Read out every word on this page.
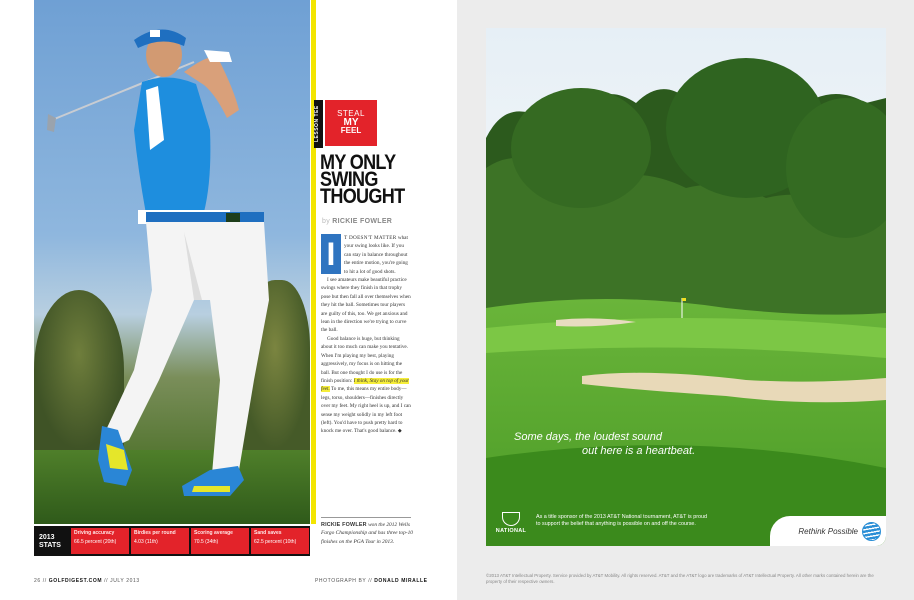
2013
STATS
Driving accuracy
66.5 percent (20th)
Birdies per round
4.03 (11th)
Scoring average
70.5 (34th)
Sand saves
62.5 percent (10th)
LESSON TEE	STEAL
MY
FEEL
MY ONLY
SWING
THOUGHT
by RICKIE FOWLER

I	T DOESN'T MATTER what your swing looks like. If you can stay in balance throughout the entire motion, you're going to hit a lot of good shots.

I see amateurs make beautiful practice swings where they finish in that trophy pose but then fall all over themselves when they hit the ball. Sometimes tour players are guilty of this, too. We get anxious and lean in the direction we're trying to curve the ball.

Good balance is huge, but thinking about it too much can make you tentative. When I'm playing my best, playing aggressively, my focus is on hitting the ball. But one thought I do use is for the finish position: I think, Stay on top of your feet. To me, this means my entire body—legs, torso, shoulders—finishes directly over my feet. My right heel is up, and I can sense my weight solidly in my left foot (left). You'd have to push pretty hard to knock me over. That's good balance. ◆

RICKIE FOWLER won the 2012 Wells Fargo Championship and has three top-10 finishes on the PGA Tour in 2013.
26 // GOLFDIGEST.COM // JULY 2013	PHOTOGRAPH BY // DONALD MIRALLE
Some days, the loudest sound
out here is a heartbeat.
NATIONAL
As a title sponsor of the 2013 AT&T National tournament, AT&T is proud to support the belief that anything is possible on and off the course.
Rethink Possible
©2013 AT&T Intellectual Property. Service provided by AT&T Mobility. All rights reserved. AT&T and the AT&T logo are trademarks of AT&T Intellectual Property. All other marks contained herein are the property of their respective owners.
